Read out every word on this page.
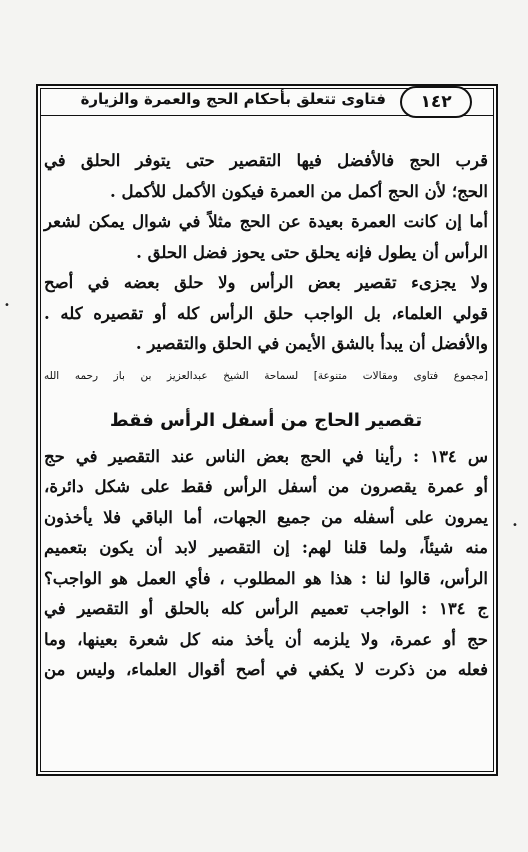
فتاوى تتعلق بأحكام الحج والعمرة والزيارة	١٤٢
•
•
قرب الحج فالأفضل فيها التقصير حتى يتوفر الحلق في
الحج؛ لأن الحج أكمل من العمرة فيكون الأكمل للأكمل .
أما إن كانت العمرة بعيدة عن الحج مثلاً في شوال يمكن لشعر
الرأس أن يطول فإنه يحلق حتى يحوز فضل الحلق .
ولا يجزىء تقصير بعض الرأس ولا حلق بعضه في أصح
قولي العلماء، بل الواجب حلق الرأس كله أو تقصيره كله .
والأفضل أن يبدأ بالشق الأيمن في الحلق والتقصير .
[مجموع فتاوى ومقالات متنوعة] لسماحة الشيخ عبدالعزيز بن باز رحمه الله
تقصير الحاج من أسفل الرأس فقط
س ١٣٤ : رأينا في الحج بعض الناس عند التقصير في حج
أو عمرة يقصرون من أسفل الرأس فقط على شكل دائرة،
يمرون على أسفله من جميع الجهات، أما الباقي فلا يأخذون
منه شيئاً، ولما قلنا لهم: إن التقصير لابد أن يكون بتعميم
الرأس، قالوا لنا : هذا هو المطلوب ، فأي العمل هو الواجب؟
ج ١٣٤ : الواجب تعميم الرأس كله بالحلق أو التقصير في
حج أو عمرة، ولا يلزمه أن يأخذ منه كل شعرة بعينها، وما
فعله من ذكرت لا يكفي في أصح أقوال العلماء، وليس من
